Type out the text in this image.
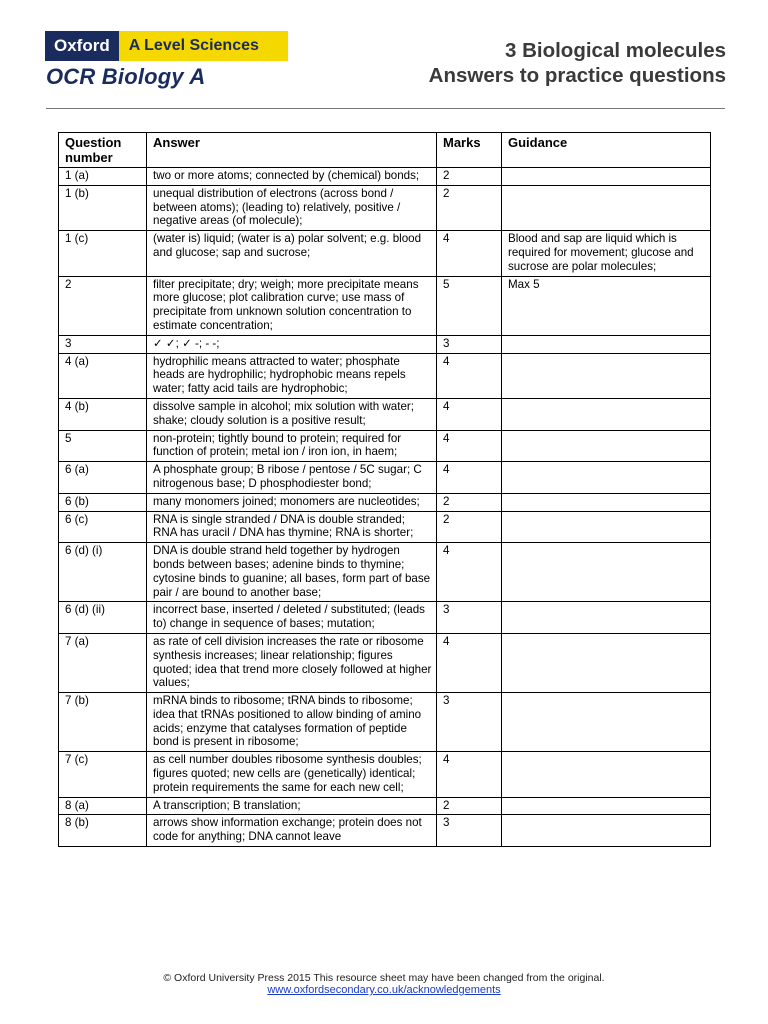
Oxford	A Level Sciences
OCR Biology A
3 Biological molecules
Answers to practice questions
Question number	Answer	Marks	Guidance
1 (a)	two or more atoms; connected by (chemical) bonds;	2	
1 (b)	unequal distribution of electrons (across bond / between atoms); (leading to) relatively, positive / negative areas (of molecule);	2	
1 (c)	(water is) liquid; (water is a) polar solvent; e.g. blood and glucose; sap and sucrose;	4	Blood and sap are liquid which is required for movement; glucose and sucrose are polar molecules;
2	filter precipitate; dry; weigh; more precipitate means more glucose; plot calibration curve; use mass of precipitate from unknown solution concentration to estimate concentration;	5	Max 5
3	✓ ✓; ✓ -; - -;	3	
4 (a)	hydrophilic means attracted to water; phosphate heads are hydrophilic; hydrophobic means repels water; fatty acid tails are hydrophobic;	4	
4 (b)	dissolve sample in alcohol; mix solution with water; shake; cloudy solution is a positive result;	4	
5	non-protein; tightly bound to protein; required for function of protein; metal ion / iron ion, in haem;	4	
6 (a)	A phosphate group; B ribose / pentose / 5C sugar; C nitrogenous base; D phosphodiester bond;	4	
6 (b)	many monomers joined; monomers are nucleotides;	2	
6 (c)	RNA is single stranded / DNA is double stranded; RNA has uracil / DNA has thymine; RNA is shorter;	2	
6 (d) (i)	DNA is double strand held together by hydrogen bonds between bases; adenine binds to thymine; cytosine binds to guanine; all bases, form part of base pair / are bound to another base;	4	
6 (d) (ii)	incorrect base, inserted / deleted / substituted; (leads to) change in sequence of bases; mutation;	3	
7 (a)	as rate of cell division increases the rate or ribosome synthesis increases; linear relationship; figures quoted; idea that trend more closely followed at higher values;	4	
7 (b)	mRNA binds to ribosome; tRNA binds to ribosome; idea that tRNAs positioned to allow binding of amino acids; enzyme that catalyses formation of peptide bond is present in ribosome;	3	
7 (c)	as cell number doubles ribosome synthesis doubles; figures quoted; new cells are (genetically) identical; protein requirements the same for each new cell;	4	
8 (a)	A transcription; B translation;	2	
8 (b)	arrows show information exchange; protein does not code for anything; DNA cannot leave	3	
© Oxford University Press 2015 This resource sheet may have been changed from the original.
www.oxfordsecondary.co.uk/acknowledgements
